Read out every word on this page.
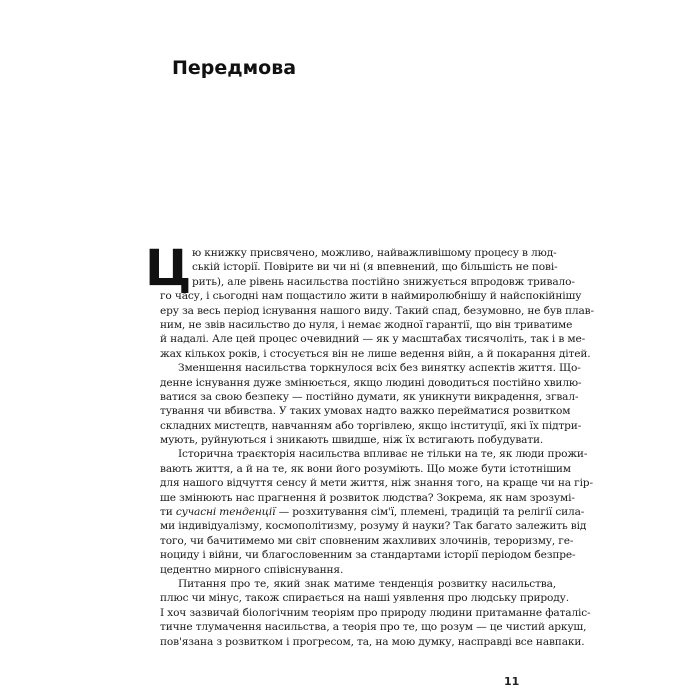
Передмова
Ц ю книжку присвячено, можливо, найважливішому процесу в люд-
ській історії. Повірите ви чи ні (я впевнений, що більшість не пові-
рить), але рівень насильства постійно знижується впродовж тривало-
го часу, і сьогодні нам пощастило жити в наймиролюбнішу й найспокійнішу
еру за весь період існування нашого виду. Такий спад, безумовно, не був плав-
ним, не звів насильство до нуля, і немає жодної гарантії, що він триватиме
й надалі. Але цей процес очевидний — як у масштабах тисячоліть, так і в ме-
жах кількох років, і стосується він не лише ведення війн, а й покарання дітей.
Зменшення насильства торкнулося всіх без винятку аспектів життя. Що-
денне існування дуже змінюється, якщо людині доводиться постійно хвилю-
ватися за свою безпеку — постійно думати, як уникнути викрадення, згвал-
тування чи вбивства. У таких умовах надто важко перейматися розвитком
складних мистецтв, навчанням або торгівлею, якщо інституції, які їх підтри-
мують, руйнуються і зникають швидше, ніж їх встигають побудувати.
Історична траєкторія насильства впливає не тільки на те, як люди прожи-
вають життя, а й на те, як вони його розуміють. Що може бути істотнішим
для нашого відчуття сенсу й мети життя, ніж знання того, на краще чи на гір-
ше змінюють нас прагнення й розвиток людства? Зокрема, як нам зрозумі-
ти сучасні тенденції — розхитування сім'ї, племені, традицій та релігії сила-
ми індивідуалізму, космополітизму, розуму й науки? Так багато залежить від
того, чи бачитимемо ми світ сповненим жахливих злочинів, тероризму, ге-
ноциду і війни, чи благословенним за стандартами історії періодом безпре-
цедентно мирного співіснування.
Питання про те, який знак матиме тенденція розвитку насильства,
плюс чи мінус, також спирається на наші уявлення про людську природу.
І хоч зазвичай біологічним теоріям про природу людини притаманне фаталіс-
тичне тлумачення насильства, а теорія про те, що розум — це чистий аркуш,
пов'язана з розвитком і прогресом, та, на мою думку, насправді все навпаки.
11
